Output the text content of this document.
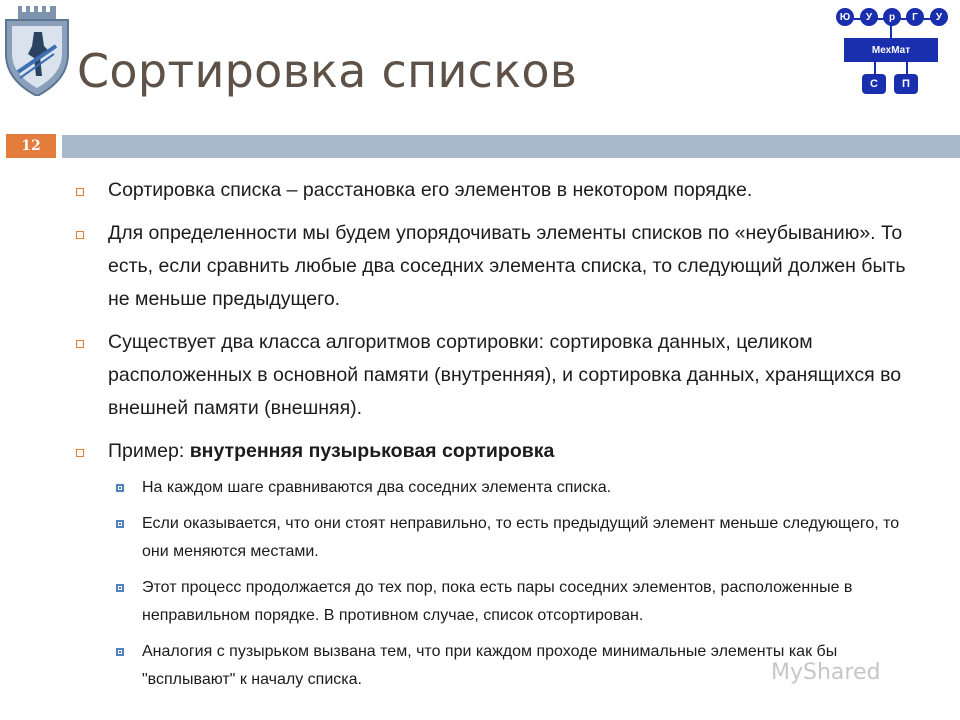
Сортировка списков
Ю	У	р	Г	У
МехМат
С	П
12
Сортировка списка – расстановка его элементов в некотором порядке.
Для определенности мы будем упорядочивать элементы списков по «неубыванию». То есть, если сравнить любые два соседних элемента списка, то следующий должен быть не меньше предыдущего.
Существует два класса алгоритмов сортировки: сортировка данных, целиком расположенных в основной памяти (внутренняя), и сортировка данных, хранящихся во внешней памяти (внешняя).
Пример: внутренняя пузырьковая сортировка
На каждом шаге сравниваются два соседних элемента списка.
Если оказывается, что они стоят неправильно, то есть предыдущий элемент меньше следующего, то они меняются местами.
Этот процесс продолжается до тех пор, пока есть пары соседних элементов, расположенные в неправильном порядке. В противном случае, список отсортирован.
Аналогия с пузырьком вызвана тем, что при каждом проходе минимальные элементы как бы "всплывают" к началу списка.	MyShared
